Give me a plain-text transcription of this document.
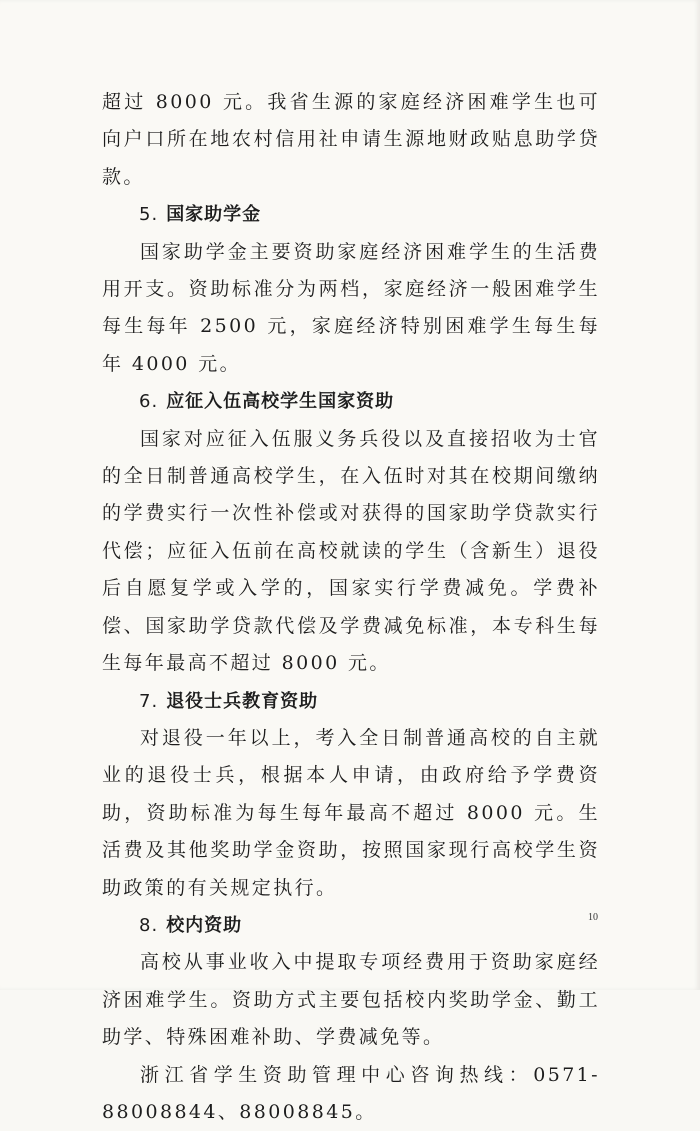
超过 8000 元。我省生源的家庭经济困难学生也可向户口所在地农村信用社申请生源地财政贴息助学贷款。

5. 国家助学金

国家助学金主要资助家庭经济困难学生的生活费用开支。资助标准分为两档，家庭经济一般困难学生每生每年 2500 元，家庭经济特别困难学生每生每年 4000 元。

6. 应征入伍高校学生国家资助

国家对应征入伍服义务兵役以及直接招收为士官的全日制普通高校学生，在入伍时对其在校期间缴纳的学费实行一次性补偿或对获得的国家助学贷款实行代偿；应征入伍前在高校就读的学生（含新生）退役后自愿复学或入学的，国家实行学费减免。学费补偿、国家助学贷款代偿及学费减免标准，本专科生每生每年最高不超过 8000 元。

7. 退役士兵教育资助

对退役一年以上，考入全日制普通高校的自主就业的退役士兵，根据本人申请，由政府给予学费资助，资助标准为每生每年最高不超过 8000 元。生活费及其他奖助学金资助，按照国家现行高校学生资助政策的有关规定执行。

8. 校内资助

高校从事业收入中提取专项经费用于资助家庭经济困难学生。资助方式主要包括校内奖助学金、勤工助学、特殊困难补助、学费减免等。

浙江省学生资助管理中心咨询热线：0571-88008844、88008845。

10
